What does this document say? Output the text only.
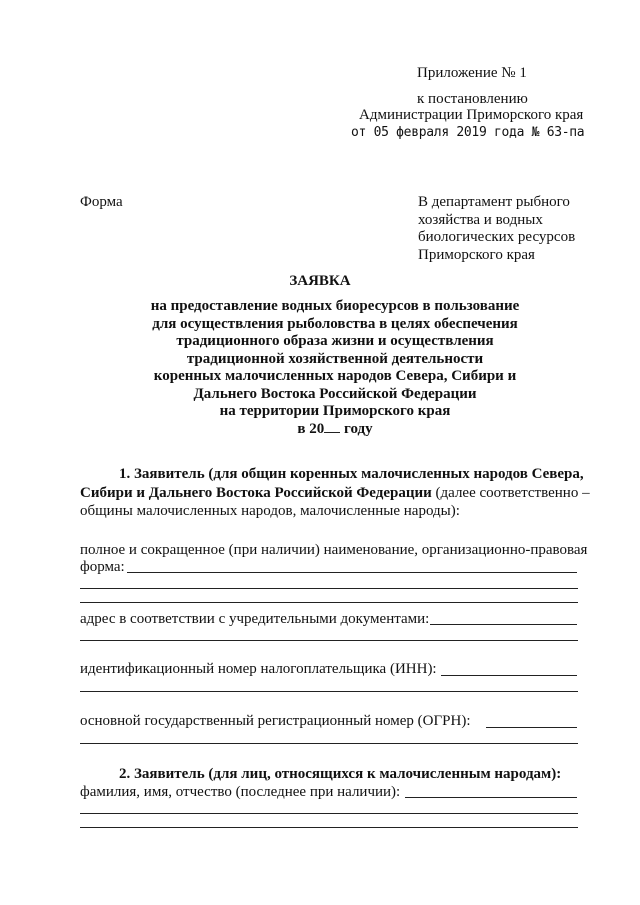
Приложение № 1
к постановлению
Администрации Приморского края
от 05 февраля 2019 года № 63-па
Форма	В департамент рыбного
хозяйства и водных
биологических ресурсов
Приморского края
ЗАЯВКА
на предоставление водных биоресурсов в пользование
для осуществления рыболовства в целях обеспечения
традиционного образа жизни и осуществления
традиционной хозяйственной деятельности
коренных малочисленных народов Севера, Сибири и
Дальнего Востока Российской Федерации
на территории Приморского края
в 20 году
1. Заявитель (для общин коренных малочисленных народов Севера,
Сибири и Дальнего Востока Российской Федерации (далее соответственно –
общины малочисленных народов, малочисленные народы):
полное и сокращенное (при наличии) наименование, организационно-правовая
форма:
адрес в соответствии с учредительными документами:
идентификационный номер налогоплательщика (ИНН):
основной государственный регистрационный номер (ОГРН):
2. Заявитель (для лиц, относящихся к малочисленным народам):
фамилия, имя, отчество (последнее при наличии):
